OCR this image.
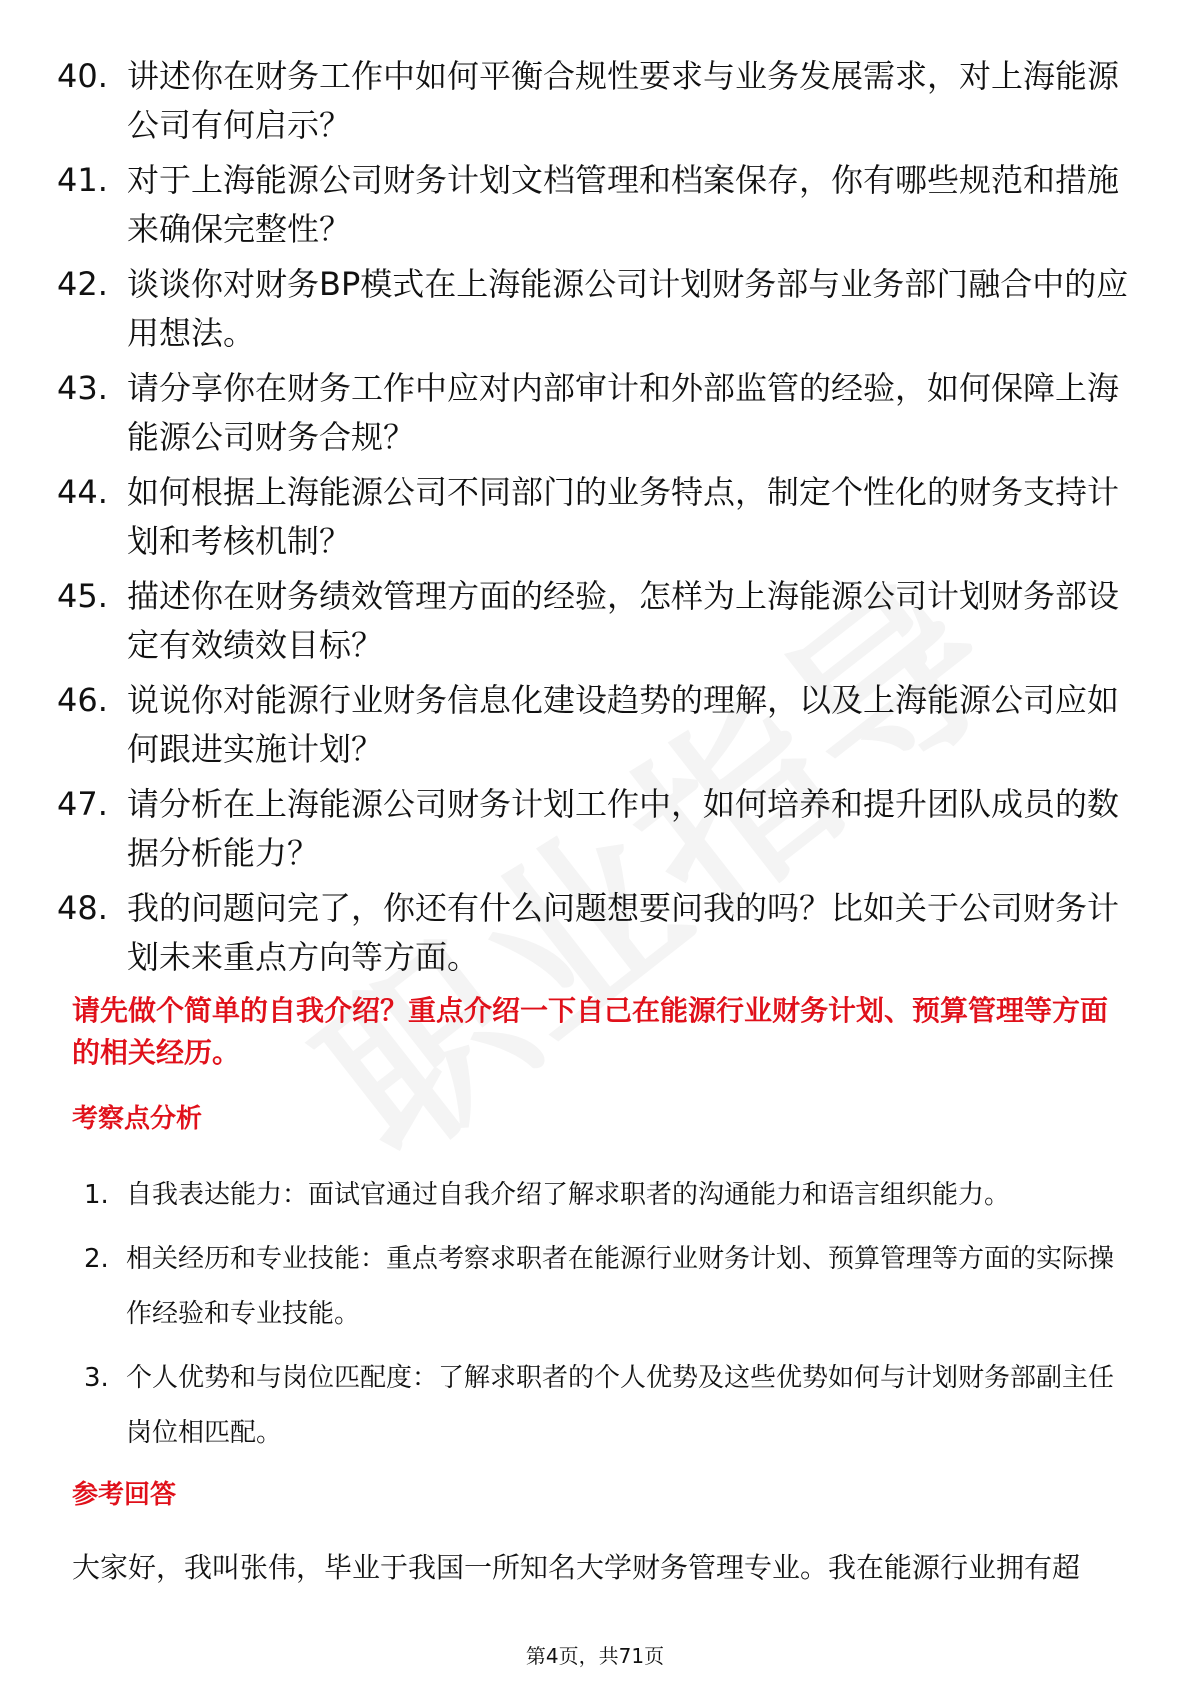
40. 讲述你在财务工作中如何平衡合规性要求与业务发展需求，对上海能源公司有何启示？
41. 对于上海能源公司财务计划文档管理和档案保存，你有哪些规范和措施来确保完整性？
42. 谈谈你对财务BP模式在上海能源公司计划财务部与业务部门融合中的应用想法。
43. 请分享你在财务工作中应对内部审计和外部监管的经验，如何保障上海能源公司财务合规？
44. 如何根据上海能源公司不同部门的业务特点，制定个性化的财务支持计划和考核机制？
45. 描述你在财务绩效管理方面的经验，怎样为上海能源公司计划财务部设定有效绩效目标？
46. 说说你对能源行业财务信息化建设趋势的理解，以及上海能源公司应如何跟进实施计划？
47. 请分析在上海能源公司财务计划工作中，如何培养和提升团队成员的数据分析能力？
48. 我的问题问完了，你还有什么问题想要问我的吗？比如关于公司财务计划未来重点方向等方面。

请先做个简单的自我介绍？重点介绍一下自己在能源行业财务计划、预算管理等方面的相关经历。

考察点分析
1. 自我表达能力：面试官通过自我介绍了解求职者的沟通能力和语言组织能力。
2. 相关经历和专业技能：重点考察求职者在能源行业财务计划、预算管理等方面的实际操作经验和专业技能。
3. 个人优势和与岗位匹配度：了解求职者的个人优势及这些优势如何与计划财务部副主任岗位相匹配。
参考回答

大家好，我叫张伟，毕业于我国一所知名大学财务管理专业。我在能源行业拥有超

第4页，共71页
